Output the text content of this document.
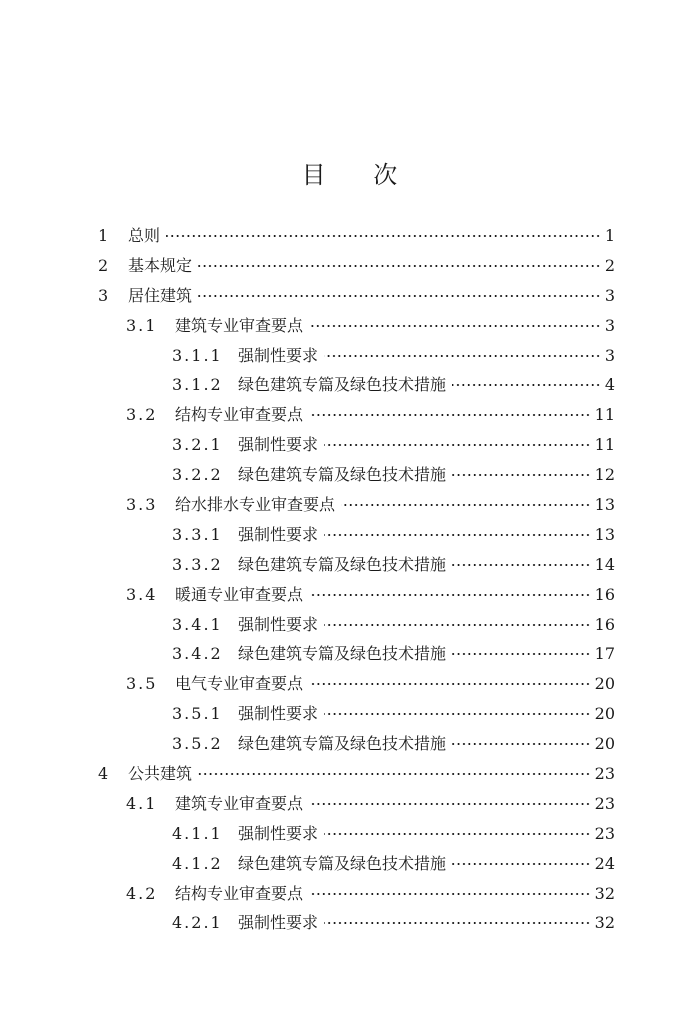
目 次
1 总则	1
2 基本规定	2
3 居住建筑	3
3.1 建筑专业审查要点	3
3.1.1 强制性要求	3
3.1.2 绿色建筑专篇及绿色技术措施	4
3.2 结构专业审查要点	11
3.2.1 强制性要求	11
3.2.2 绿色建筑专篇及绿色技术措施	12
3.3 给水排水专业审查要点	13
3.3.1 强制性要求	13
3.3.2 绿色建筑专篇及绿色技术措施	14
3.4 暖通专业审查要点	16
3.4.1 强制性要求	16
3.4.2 绿色建筑专篇及绿色技术措施	17
3.5 电气专业审查要点	20
3.5.1 强制性要求	20
3.5.2 绿色建筑专篇及绿色技术措施	20
4 公共建筑	23
4.1 建筑专业审查要点	23
4.1.1 强制性要求	23
4.1.2 绿色建筑专篇及绿色技术措施	24
4.2 结构专业审查要点	32
4.2.1 强制性要求	32
